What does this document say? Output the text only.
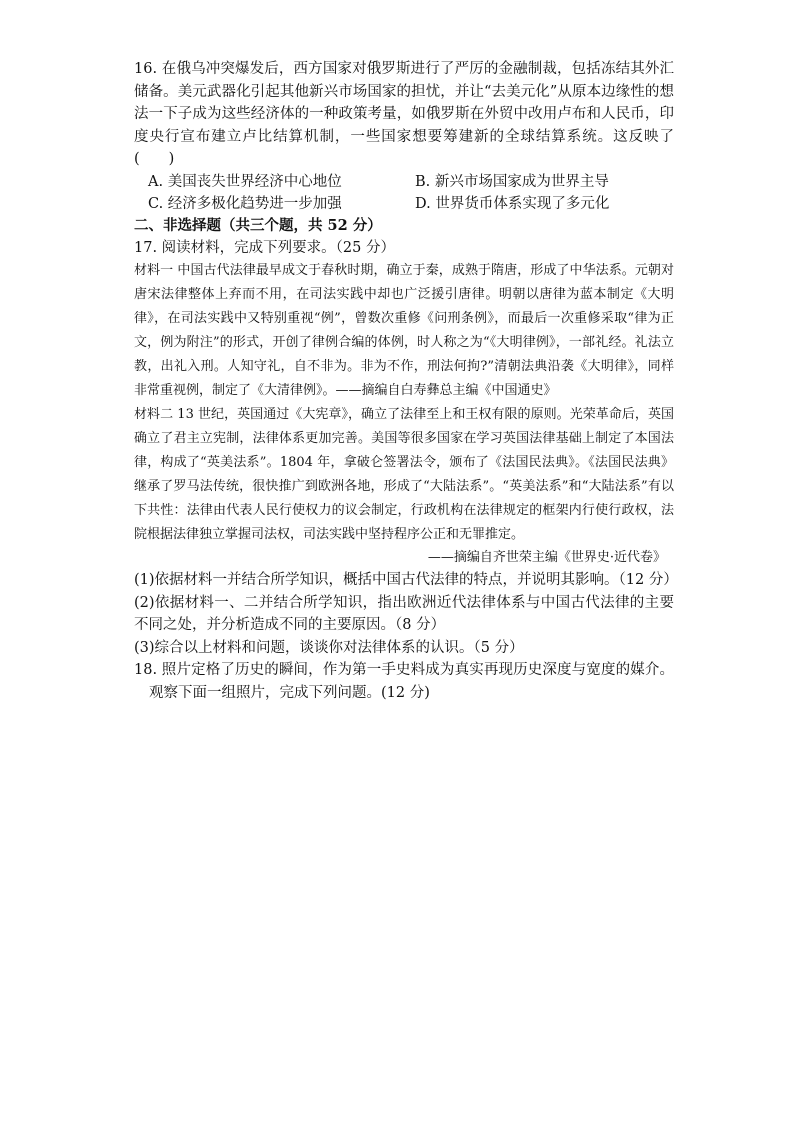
16. 在俄乌冲突爆发后，西方国家对俄罗斯进行了严厉的金融制裁，包括冻结其外汇储备。美元武器化引起其他新兴市场国家的担忧，并让“去美元化”从原本边缘性的想法一下子成为这些经济体的一种政策考量，如俄罗斯在外贸中改用卢布和人民币，印度央行宣布建立卢比结算机制，一些国家想要筹建新的全球结算系统。这反映了(　　)

A. 美国丧失世界经济中心地位	B. 新兴市场国家成为世界主导
C. 经济多极化趋势进一步加强	D. 世界货币体系实现了多元化

二、非选择题（共三个题，共 52 分）

17. 阅读材料，完成下列要求。（25 分）

材料一 中国古代法律最早成文于春秋时期，确立于秦，成熟于隋唐，形成了中华法系。元朝对唐宋法律整体上弃而不用，在司法实践中却也广泛援引唐律。明朝以唐律为蓝本制定《大明律》，在司法实践中又特别重视“例”，曾数次重修《问刑条例》，而最后一次重修采取“律为正文，例为附注”的形式，开创了律例合编的体例，时人称之为“《大明律例》，一部礼经。礼法立教，出礼入刑。人知守礼，自不非为。非为不作，刑法何拘?”清朝法典沿袭《大明律》，同样非常重视例，制定了《大清律例》。——摘编自白寿彝总主编《中国通史》

材料二 13 世纪，英国通过《大宪章》，确立了法律至上和王权有限的原则。光荣革命后，英国确立了君主立宪制，法律体系更加完善。美国等很多国家在学习英国法律基础上制定了本国法律，构成了“英美法系”。1804 年，拿破仑签署法令，颁布了《法国民法典》。《法国民法典》继承了罗马法传统，很快推广到欧洲各地，形成了“大陆法系”。“英美法系”和“大陆法系”有以下共性：法律由代表人民行使权力的议会制定，行政机构在法律规定的框架内行使行政权，法院根据法律独立掌握司法权，司法实践中坚持程序公正和无罪推定。

——摘编自齐世荣主编《世界史·近代卷》

(1)依据材料一并结合所学知识，概括中国古代法律的特点，并说明其影响。（12 分）

(2)依据材料一、二并结合所学知识，指出欧洲近代法律体系与中国古代法律的主要不同之处，并分析造成不同的主要原因。（8 分）

(3)综合以上材料和问题，谈谈你对法律体系的认识。（5 分）

18. 照片定格了历史的瞬间，作为第一手史料成为真实再现历史深度与宽度的媒介。观察下面一组照片，完成下列问题。(12 分)
